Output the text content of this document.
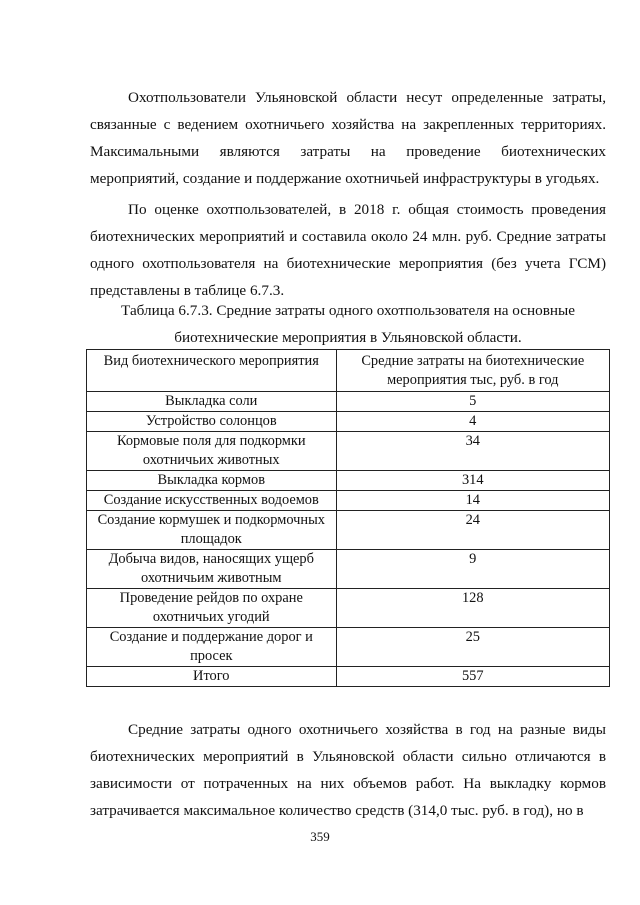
Охотпользователи Ульяновской области несут определенные затраты, связанные с ведением охотничьего хозяйства на закрепленных территориях. Максимальными являются затраты на проведение биотехнических мероприятий, создание и поддержание охотничьей инфраструктуры в угодьях.

По оценке охотпользователей, в 2018 г. общая стоимость проведения биотехнических мероприятий и составила около 24 млн. руб. Средние затраты одного охотпользователя на биотехнические мероприятия (без учета ГСМ) представлены в таблице 6.7.3.

Таблица 6.7.3. Средние затраты одного охотпользователя на основные
биотехнические мероприятия в Ульяновской области.
Вид биотехнического мероприятия	Средние затраты на биотехнические мероприятия тыс, руб. в год
Выкладка соли	5
Устройство солонцов	4
Кормовые поля для подкормки охотничьих животных	34
Выкладка кормов	314
Создание искусственных водоемов	14
Создание кормушек и подкормочных площадок	24
Добыча видов, наносящих ущерб охотничьим животным	9
Проведение рейдов по охране охотничьих угодий	128
Создание и поддержание дорог и просек	25
Итого	557

Средние затраты одного охотничьего хозяйства в год на разные виды биотехнических мероприятий в Ульяновской области сильно отличаются в зависимости от потраченных на них объемов работ. На выкладку кормов затрачивается максимальное количество средств (314,0 тыс. руб. в год), но в

359
